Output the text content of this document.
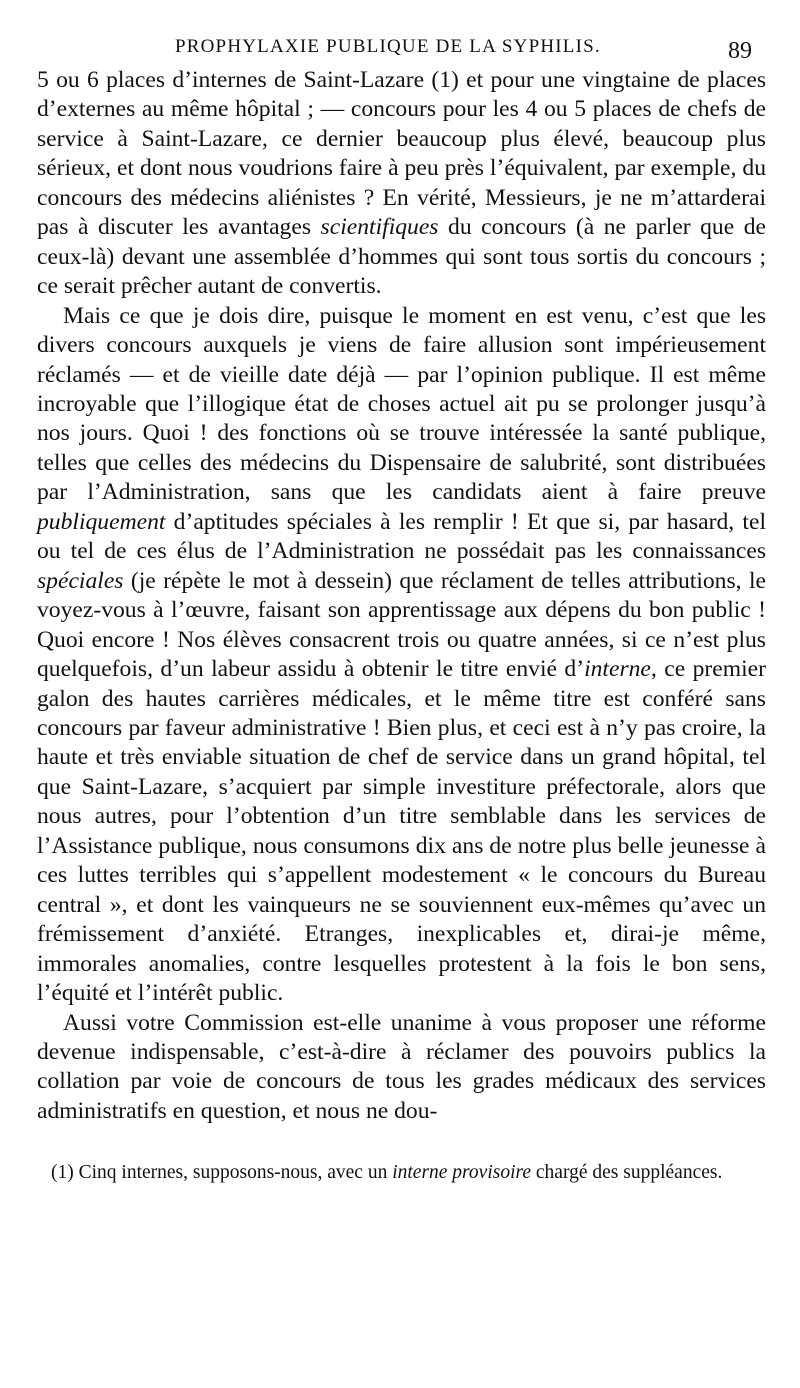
PROPHYLAXIE PUBLIQUE DE LA SYPHILIS.	89

5 ou 6 places d’internes de Saint-Lazare (1) et pour une vingtaine de places d’externes au même hôpital ; — concours pour les 4 ou 5 places de chefs de service à Saint-Lazare, ce dernier beaucoup plus élevé, beaucoup plus sérieux, et dont nous voudrions faire à peu près l’équivalent, par exemple, du concours des médecins aliénistes ? En vérité, Messieurs, je ne m’attarderai pas à discuter les avantages scientifiques du concours (à ne parler que de ceux-là) devant une assemblée d’hommes qui sont tous sortis du concours ; ce serait prêcher autant de convertis.

Mais ce que je dois dire, puisque le moment en est venu, c’est que les divers concours auxquels je viens de faire allusion sont impérieusement réclamés — et de vieille date déjà — par l’opinion publique. Il est même incroyable que l’illogique état de choses actuel ait pu se prolonger jusqu’à nos jours. Quoi ! des fonctions où se trouve intéressée la santé publique, telles que celles des médecins du Dispensaire de salubrité, sont distribuées par l’Administration, sans que les candidats aient à faire preuve publiquement d’aptitudes spéciales à les remplir ! Et que si, par hasard, tel ou tel de ces élus de l’Administration ne possédait pas les connaissances spéciales (je répète le mot à dessein) que réclament de telles attributions, le voyez-vous à l’œuvre, faisant son apprentissage aux dépens du bon public ! Quoi encore ! Nos élèves consacrent trois ou quatre années, si ce n’est plus quelquefois, d’un labeur assidu à obtenir le titre envié d’interne, ce premier galon des hautes carrières médicales, et le même titre est conféré sans concours par faveur administrative ! Bien plus, et ceci est à n’y pas croire, la haute et très enviable situation de chef de service dans un grand hôpital, tel que Saint-Lazare, s’acquiert par simple investiture préfectorale, alors que nous autres, pour l’obtention d’un titre semblable dans les services de l’Assistance publique, nous consumons dix ans de notre plus belle jeunesse à ces luttes terribles qui s’appellent modestement « le concours du Bureau central », et dont les vainqueurs ne se souviennent eux-mêmes qu’avec un frémissement d’anxiété. Etranges, inexplicables et, dirai-je même, immorales anomalies, contre lesquelles protestent à la fois le bon sens, l’équité et l’intérêt public.

Aussi votre Commission est-elle unanime à vous proposer une réforme devenue indispensable, c’est-à-dire à réclamer des pouvoirs publics la collation par voie de concours de tous les grades médicaux des services administratifs en question, et nous ne dou-

(1) Cinq internes, supposons-nous, avec un interne provisoire chargé des suppléances.
